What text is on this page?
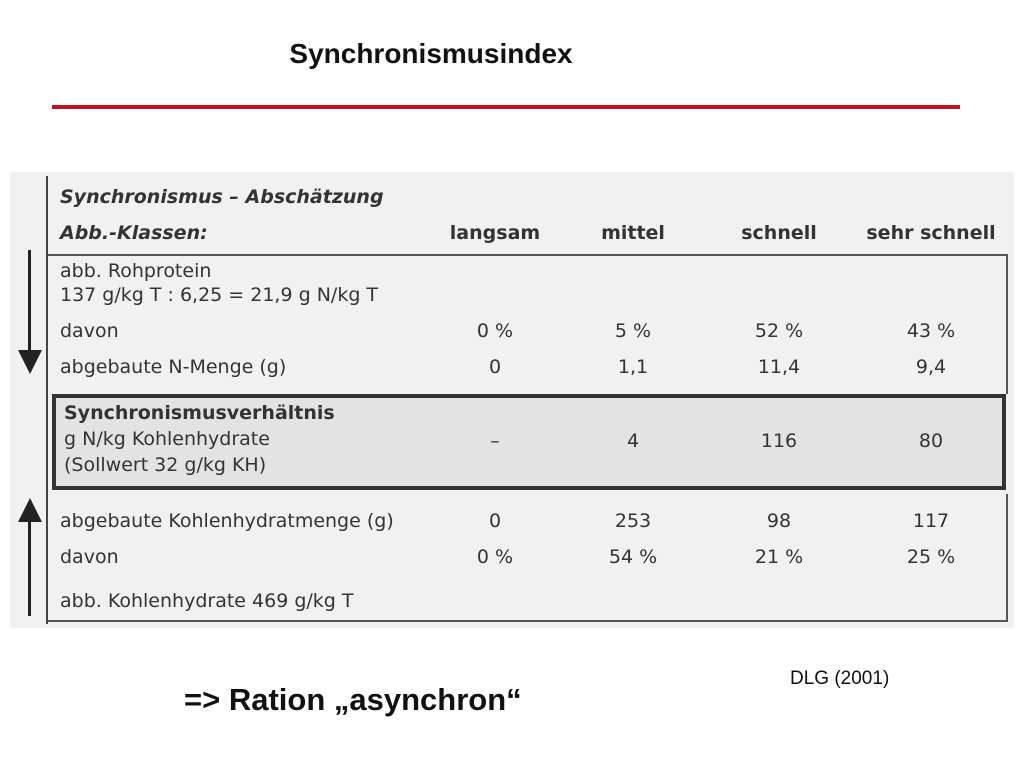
Synchronismusindex
Synchronismus – Abschätzung
Abb.-Klassen:	langsam	mittel	schnell	sehr schnell
abb. Rohprotein
137 g/kg T : 6,25 = 21,9 g N/kg T
davon	0 %	5 %	52 %	43 %
abgebaute N-Menge (g)	0	1,1	11,4	9,4
Synchronismusverhältnis
g N/kg Kohlenhydrate
(Sollwert 32 g/kg KH)
–	4	116	80
abgebaute Kohlenhydratmenge (g)	0	253	98	117
davon	0 %	54 %	21 %	25 %
abb. Kohlenhydrate 469 g/kg T
DLG (2001)
=> Ration „asynchron“
